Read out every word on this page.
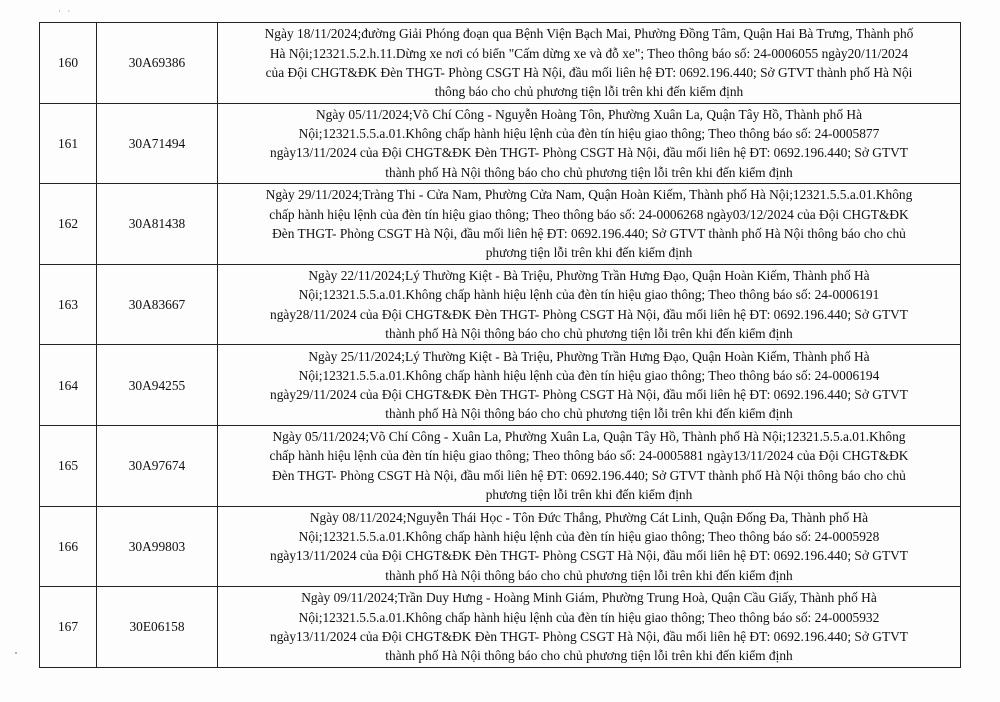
· ·
160	30A69386	Ngày 18/11/2024;đường Giải Phóng đoạn qua Bệnh Viện Bạch Mai, Phường Đồng Tâm, Quận Hai Bà Trưng, Thành phố
Hà Nội;12321.5.2.h.11.Dừng xe nơi có biển "Cấm dừng xe và đỗ xe"; Theo thông báo số: 24-0006055 ngày20/11/2024
của Đội CHGT&ĐK Đèn THGT- Phòng CSGT Hà Nội, đầu mối liên hệ ĐT: 0692.196.440; Sở GTVT thành phố Hà Nội
thông báo cho chủ phương tiện lỗi trên khi đến kiểm định

161	30A71494	Ngày 05/11/2024;Võ Chí Công - Nguyễn Hoàng Tôn, Phường Xuân La, Quận Tây Hồ, Thành phố Hà
Nội;12321.5.5.a.01.Không chấp hành hiệu lệnh của đèn tín hiệu giao thông; Theo thông báo số: 24-0005877
ngày13/11/2024 của Đội CHGT&ĐK Đèn THGT- Phòng CSGT Hà Nội, đầu mối liên hệ ĐT: 0692.196.440; Sở GTVT
thành phố Hà Nội thông báo cho chủ phương tiện lỗi trên khi đến kiểm định

162	30A81438	Ngày 29/11/2024;Tràng Thi - Cửa Nam, Phường Cửa Nam, Quận Hoàn Kiếm, Thành phố Hà Nội;12321.5.5.a.01.Không
chấp hành hiệu lệnh của đèn tín hiệu giao thông; Theo thông báo số: 24-0006268 ngày03/12/2024 của Đội CHGT&ĐK
Đèn THGT- Phòng CSGT Hà Nội, đầu mối liên hệ ĐT: 0692.196.440; Sở GTVT thành phố Hà Nội thông báo cho chủ
phương tiện lỗi trên khi đến kiểm định

163	30A83667	Ngày 22/11/2024;Lý Thường Kiệt - Bà Triệu, Phường Trần Hưng Đạo, Quận Hoàn Kiếm, Thành phố Hà
Nội;12321.5.5.a.01.Không chấp hành hiệu lệnh của đèn tín hiệu giao thông; Theo thông báo số: 24-0006191
ngày28/11/2024 của Đội CHGT&ĐK Đèn THGT- Phòng CSGT Hà Nội, đầu mối liên hệ ĐT: 0692.196.440; Sở GTVT
thành phố Hà Nội thông báo cho chủ phương tiện lỗi trên khi đến kiểm định

164	30A94255	Ngày 25/11/2024;Lý Thường Kiệt - Bà Triệu, Phường Trần Hưng Đạo, Quận Hoàn Kiếm, Thành phố Hà
Nội;12321.5.5.a.01.Không chấp hành hiệu lệnh của đèn tín hiệu giao thông; Theo thông báo số: 24-0006194
ngày29/11/2024 của Đội CHGT&ĐK Đèn THGT- Phòng CSGT Hà Nội, đầu mối liên hệ ĐT: 0692.196.440; Sở GTVT
thành phố Hà Nội thông báo cho chủ phương tiện lỗi trên khi đến kiểm định

165	30A97674	Ngày 05/11/2024;Võ Chí Công - Xuân La, Phường Xuân La, Quận Tây Hồ, Thành phố Hà Nội;12321.5.5.a.01.Không
chấp hành hiệu lệnh của đèn tín hiệu giao thông; Theo thông báo số: 24-0005881 ngày13/11/2024 của Đội CHGT&ĐK
Đèn THGT- Phòng CSGT Hà Nội, đầu mối liên hệ ĐT: 0692.196.440; Sở GTVT thành phố Hà Nội thông báo cho chủ
phương tiện lỗi trên khi đến kiểm định

166	30A99803	Ngày 08/11/2024;Nguyễn Thái Học - Tôn Đức Thắng, Phường Cát Linh, Quận Đống Đa, Thành phố Hà
Nội;12321.5.5.a.01.Không chấp hành hiệu lệnh của đèn tín hiệu giao thông; Theo thông báo số: 24-0005928
ngày13/11/2024 của Đội CHGT&ĐK Đèn THGT- Phòng CSGT Hà Nội, đầu mối liên hệ ĐT: 0692.196.440; Sở GTVT
thành phố Hà Nội thông báo cho chủ phương tiện lỗi trên khi đến kiểm định

167	30E06158	Ngày 09/11/2024;Trần Duy Hưng - Hoàng Minh Giám, Phường Trung Hoà, Quận Cầu Giấy, Thành phố Hà
Nội;12321.5.5.a.01.Không chấp hành hiệu lệnh của đèn tín hiệu giao thông; Theo thông báo số: 24-0005932
ngày13/11/2024 của Đội CHGT&ĐK Đèn THGT- Phòng CSGT Hà Nội, đầu mối liên hệ ĐT: 0692.196.440; Sở GTVT
thành phố Hà Nội thông báo cho chủ phương tiện lỗi trên khi đến kiểm định
